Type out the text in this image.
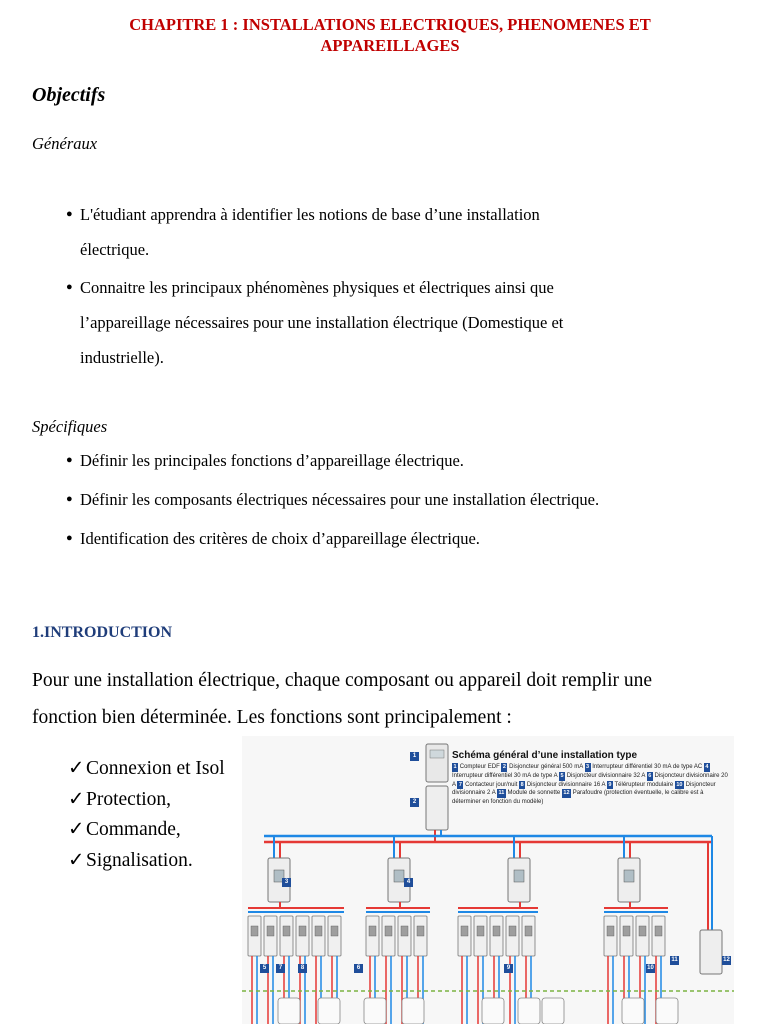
CHAPITRE 1 : INSTALLATIONS ELECTRIQUES, PHENOMENES ET
APPAREILLAGES
Objectifs
Généraux
● L'étudiant apprendra à identifier les notions de base d’une installation
électrique.
● Connaitre les principaux phénomènes physiques et électriques ainsi que
l’appareillage nécessaires pour une installation électrique (Domestique et
industrielle).
Spécifiques
● Définir les principales fonctions d’appareillage électrique.
● Définir les composants électriques nécessaires pour une installation électrique.
● Identification des critères de choix d’appareillage électrique.
1.INTRODUCTION
Pour une installation électrique, chaque composant ou appareil doit remplir une
fonction bien déterminée. Les fonctions sont principalement :
✓Connexion et Isol
✓Protection,
✓Commande,
✓Signalisation.
Schéma général d’une installation type
1 Compteur EDF 2 Disjoncteur général 500 mA 3 Interrupteur différentiel 30 mA de type AC 4 Interrupteur différentiel 30 mA de type A 5 Disjoncteur divisionnaire 32 A 6 Disjoncteur divisionnaire 20 A 7 Contacteur jour/nuit 8 Disjoncteur divisionnaire 16 A 9 Télérupteur modulaire 10 Disjoncteur divisionnaire 2 A 11 Module de sonnette 12 Parafoudre (protection éventuelle, le calibre est à déterminer en fonction du modèle)
1
2
3	4
5	6
7	8	9	10
11	12
